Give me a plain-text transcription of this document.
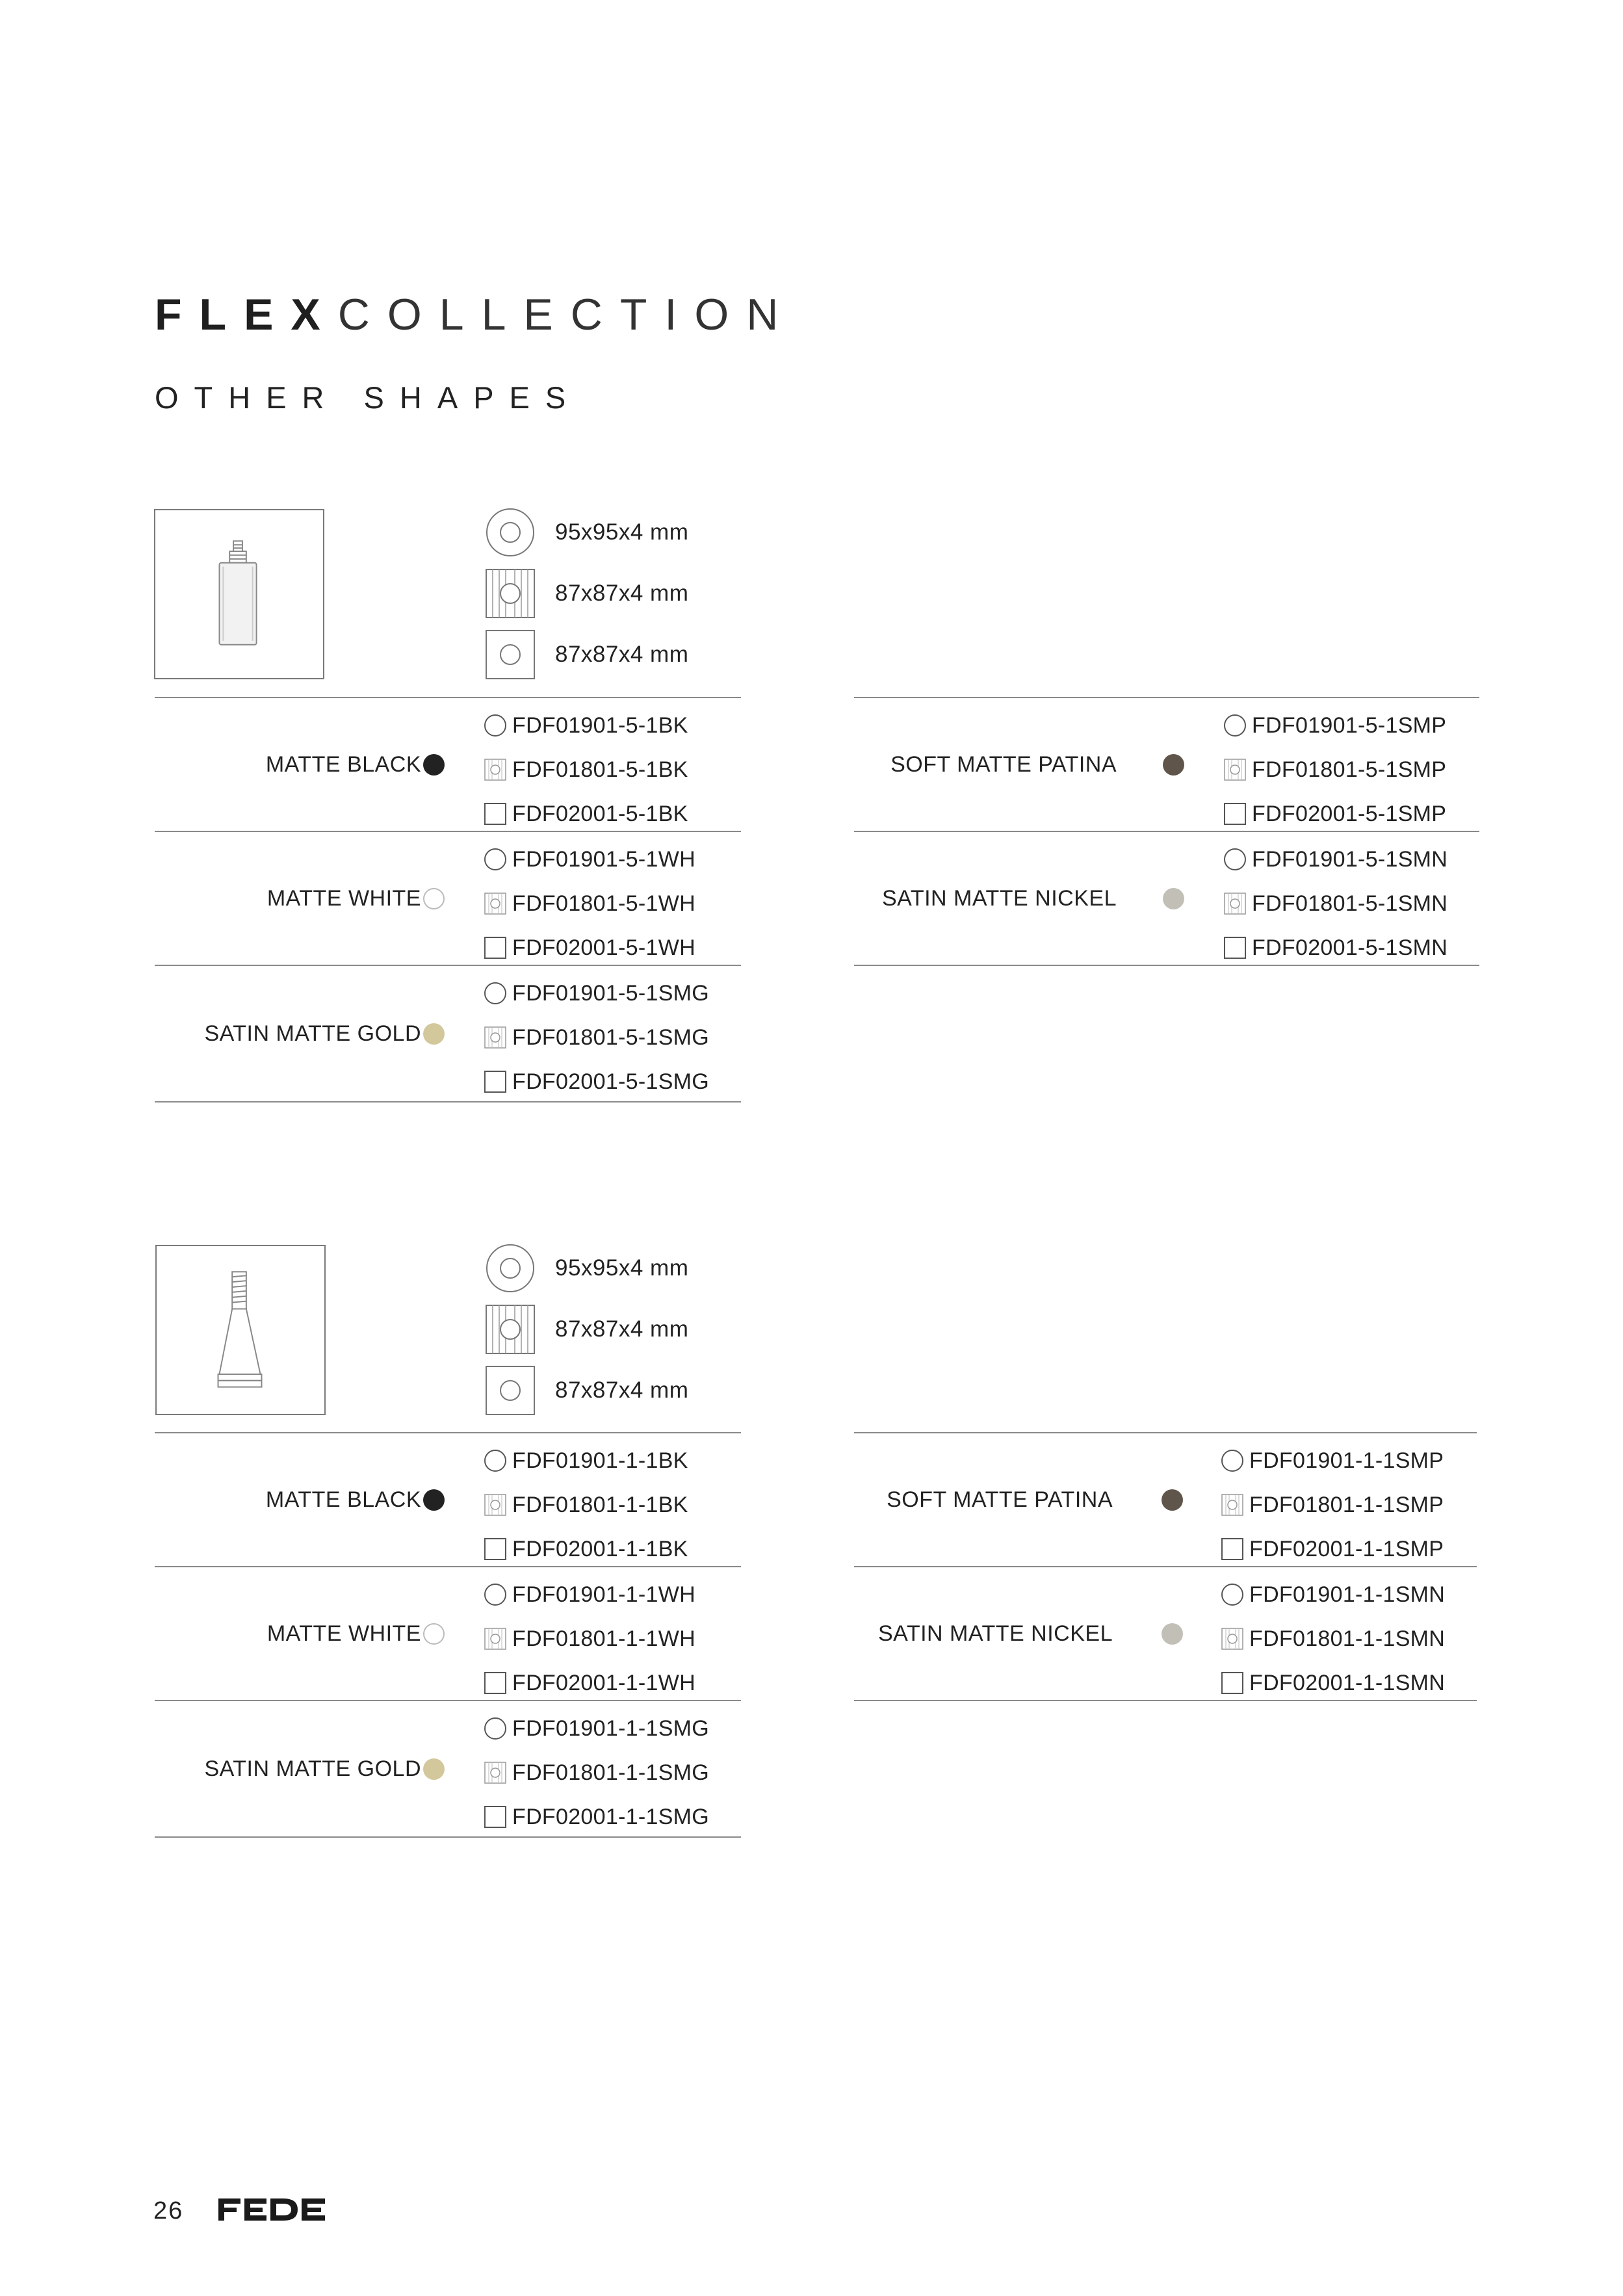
FLEXCOLLECTION
OTHER SHAPES
95x95x4 mm
87x87x4 mm
87x87x4 mm
MATTE BLACK
FDF01901-5-1BK
FDF01801-5-1BK
FDF02001-5-1BK
MATTE WHITE
FDF01901-5-1WH
FDF01801-5-1WH
FDF02001-5-1WH
SATIN MATTE GOLD
FDF01901-5-1SMG
FDF01801-5-1SMG
FDF02001-5-1SMG
SOFT MATTE PATINA
FDF01901-5-1SMP
FDF01801-5-1SMP
FDF02001-5-1SMP
SATIN MATTE NICKEL
FDF01901-5-1SMN
FDF01801-5-1SMN
FDF02001-5-1SMN
95x95x4 mm
87x87x4 mm
87x87x4 mm
MATTE BLACK
FDF01901-1-1BK
FDF01801-1-1BK
FDF02001-1-1BK
MATTE WHITE
FDF01901-1-1WH
FDF01801-1-1WH
FDF02001-1-1WH
SATIN MATTE GOLD
FDF01901-1-1SMG
FDF01801-1-1SMG
FDF02001-1-1SMG
SOFT MATTE PATINA
FDF01901-1-1SMP
FDF01801-1-1SMP
FDF02001-1-1SMP
SATIN MATTE NICKEL
FDF01901-1-1SMN
FDF01801-1-1SMN
FDF02001-1-1SMN
26
